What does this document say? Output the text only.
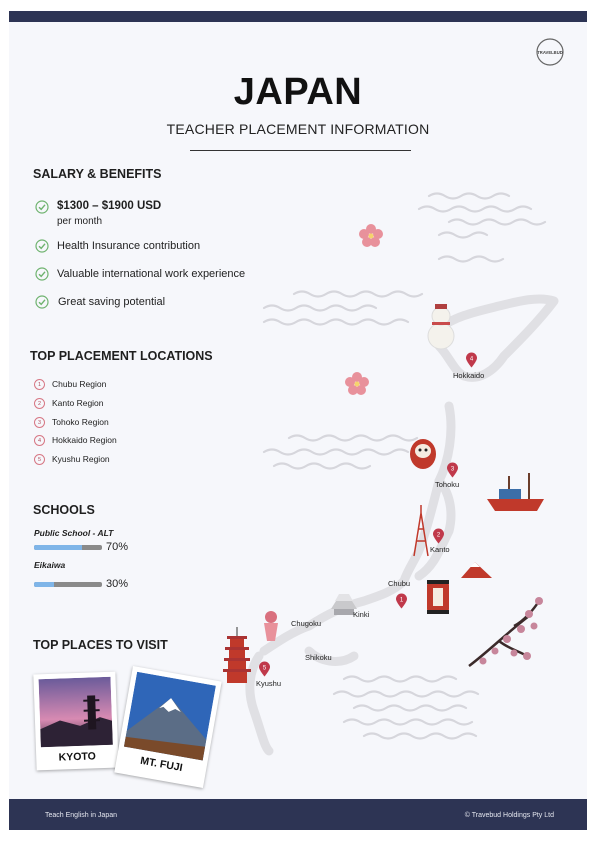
TRAVELBUD
JAPAN
TEACHER PLACEMENT INFORMATION
SALARY & BENEFITS
$1300 – $1900 USD
per month
Health Insurance contribution
Valuable international work experience
Great saving potential
TOP PLACEMENT LOCATIONS
1	Chubu Region
2	Kanto Region
3	Tohoko Region
4	Hokkaido Region
5	Kyushu Region
SCHOOLS
Public School - ALT
70%
Eikaiwa
30%
TOP PLACES TO VISIT
KYOTO	MT. FUJI
4
Hokkaido
3
Tohoku
2
Kanto
Chubu
1
Kinki
Chugoku
Shikoku
5
Kyushu
Teach English in Japan	© Travebud Holdings Pty Ltd
